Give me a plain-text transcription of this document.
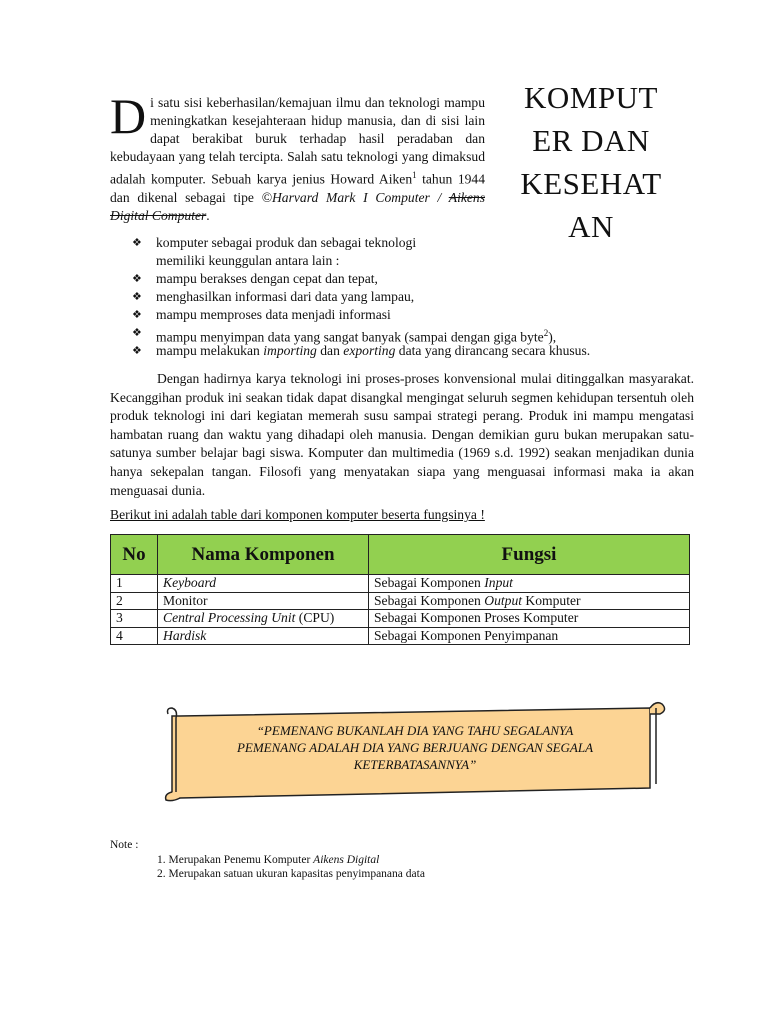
Di satu sisi keberhasilan/kemajuan ilmu dan teknologi mampu meningkatkan kesejahteraan hidup manusia, dan di sisi lain dapat berakibat buruk terhadap hasil peradaban dan kebudayaan yang telah tercipta. Salah satu teknologi yang dimaksud adalah komputer. Sebuah karya jenius Howard Aiken$^1$ tahun 1944 dan dikenal sebagai tipe ©Harvard Mark I Computer / Aikens Digital Computer.
KOMPUT
ER DAN
KESEHAT
AN
❖ komputer sebagai produk dan sebagai teknologi
memiliki keunggulan antara lain :
❖ mampu berakses dengan cepat dan tepat,
❖ menghasilkan informasi dari data yang lampau,
❖ mampu memproses data menjadi informasi
❖ mampu menyimpan data yang sangat banyak (sampai dengan giga byte$^2$),
❖ mampu melakukan importing dan exporting data yang dirancang secara khusus.

Dengan hadirnya karya teknologi ini proses-proses konvensional mulai ditinggalkan masyarakat. Kecanggihan produk ini seakan tidak dapat disangkal mengingat seluruh segmen kehidupan tersentuh oleh produk teknologi ini dari kegiatan memerah susu sampai strategi perang. Produk ini mampu mengatasi hambatan ruang dan waktu yang dihadapi oleh manusia. Dengan demikian guru bukan merupakan satu-satunya sumber belajar bagi siswa. Komputer dan multimedia (1969 s.d. 1992) seakan menjadikan dunia hanya sekepalan tangan. Filosofi yang menyatakan siapa yang menguasai informasi maka ia akan menguasai dunia.

Berikut ini adalah table dari komponen komputer beserta fungsinya !
No	Nama Komponen	Fungsi
1	Keyboard	Sebagai Komponen Input
2	Monitor	Sebagai Komponen Output Komputer
3	Central Processing Unit (CPU)	Sebagai Komponen Proses Komputer
4	Hardisk	Sebagai Komponen Penyimpanan
“PEMENANG BUKANLAH DIA YANG TAHU SEGALANYA
PEMENANG ADALAH DIA YANG BERJUANG DENGAN SEGALA
KETERBATASANNYA”
Note :
1. Merupakan Penemu Komputer Aikens Digital
2. Merupakan satuan ukuran kapasitas penyimpanana data
